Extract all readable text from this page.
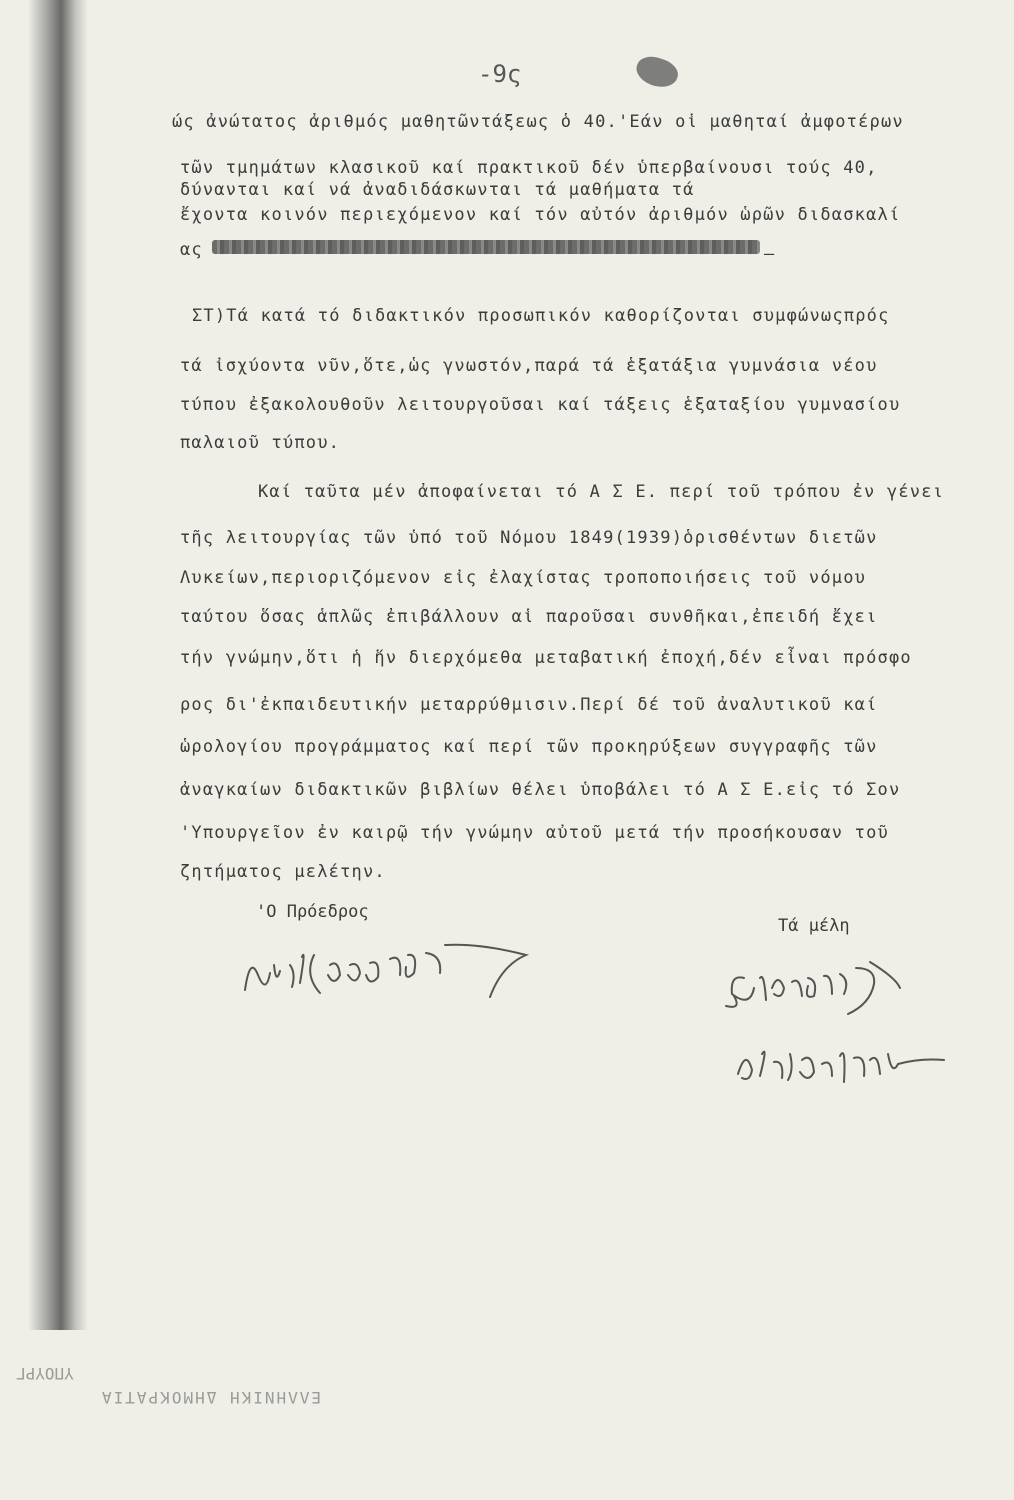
-9ς
ώς ἀνώτατος ἀριθμός μαθητῶντάξεως ὁ 40.'Εάν οἱ μαθηταί ἀμφοτέρων
τῶν τμημάτων κλασικοῦ καί πρακτικοῦ δέν ὑπερβαίνουσι τούς 40,
δύνανται καί νά ἀναδιδάσκωνται τά μαθήματα τά
ἔχοντα κοινόν περιεχόμενον καί τόν αὐτόν ἀριθμόν ὡρῶν διδασκαλί
ας	—
ΣΤ)Τά κατά τό διδακτικόν προσωπικόν καθορίζονται συμφώνωςπρός
τά ἰσχύοντα νῦν,ὅτε,ὡς γνωστόν,παρά τά ἑξατάξια γυμνάσια νέου
τύπου ἐξακολουθοῦν λειτουργοῦσαι καί τάξεις ἑξαταξίου γυμνασίου
παλαιοῦ τύπου.
Καί ταῦτα μέν ἀποφαίνεται τό Α Σ Ε. περί τοῦ τρόπου ἐν γένει
τῆς λειτουργίας τῶν ὑπό τοῦ Νόμου 1849(1939)ὁρισθέντων διετῶν
Λυκείων,περιοριζόμενον εἰς ἐλαχίστας τροποποιήσεις τοῦ νόμου
ταύτου ὅσας ἁπλῶς ἐπιβάλλουν αἱ παροῦσαι συνθῆκαι,ἐπειδή ἔχει
τήν γνώμην,ὅτι ἡ ἥν διερχόμεθα μεταβατική ἐποχή,δέν εἶναι πρόσφο
ρος δι'ἐκπαιδευτικήν μεταρρύθμισιν.Περί δέ τοῦ ἀναλυτικοῦ καί
ὡρολογίου προγράμματος καί περί τῶν προκηρύξεων συγγραφῆς τῶν
ἀναγκαίων διδακτικῶν βιβλίων θέλει ὑποβάλει τό Α Σ Ε.εἰς τό Σον
'Υπουργεῖον ἐν καιρῷ τήν γνώμην αὐτοῦ μετά τήν προσήκουσαν τοῦ
ζητήματος μελέτην.
'Ο Πρόεδρος
Τά μέλη
ΥΠΟΥΡΓ
ΕΛΛΗΝΙΚΗ ΔΗΜΟΚΡΑΤΙΑ
